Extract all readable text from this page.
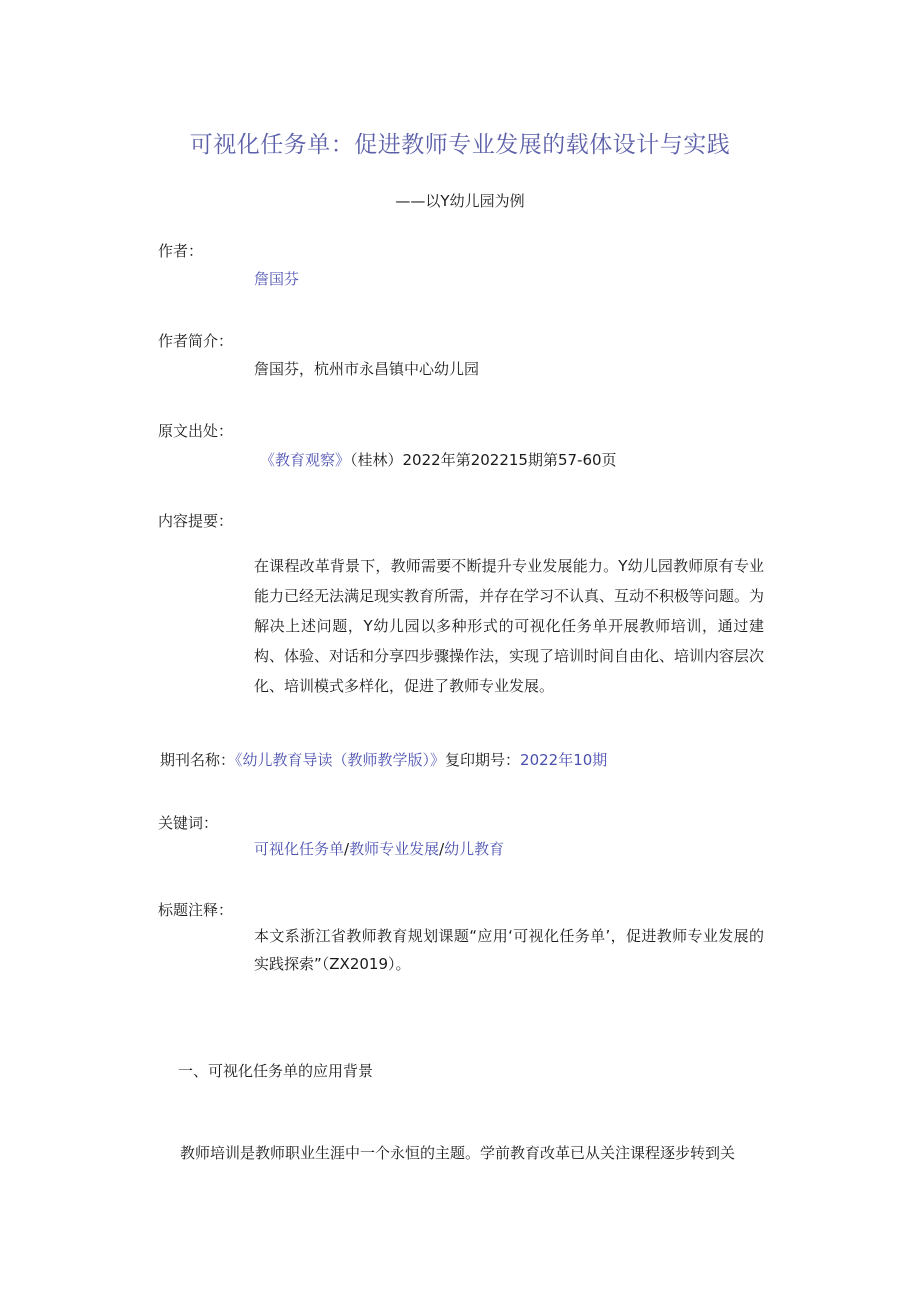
可视化任务单：促进教师专业发展的载体设计与实践
——以Y幼儿园为例
作者：
詹国芬
作者简介：
詹国芬，杭州市永昌镇中心幼儿园
原文出处：
《教育观察》（桂林）2022年第202215期第57-60页
内容提要：
在课程改革背景下，教师需要不断提升专业发展能力。Y幼儿园教师原有专业能力已经无法满足现实教育所需，并存在学习不认真、互动不积极等问题。为解决上述问题，Y幼儿园以多种形式的可视化任务单开展教师培训，通过建构、体验、对话和分享四步骤操作法，实现了培训时间自由化、培训内容层次化、培训模式多样化，促进了教师专业发展。
期刊名称：《幼儿教育导读（教师教学版）》复印期号：2022年10期
关键词：
可视化任务单/教师专业发展/幼儿教育
标题注释：
本文系浙江省教师教育规划课题“应用‘可视化任务单’，促进教师专业发展的实践探索”（ZX2019）。
一、可视化任务单的应用背景
教师培训是教师职业生涯中一个永恒的主题。学前教育改革已从关注课程逐步转到关
